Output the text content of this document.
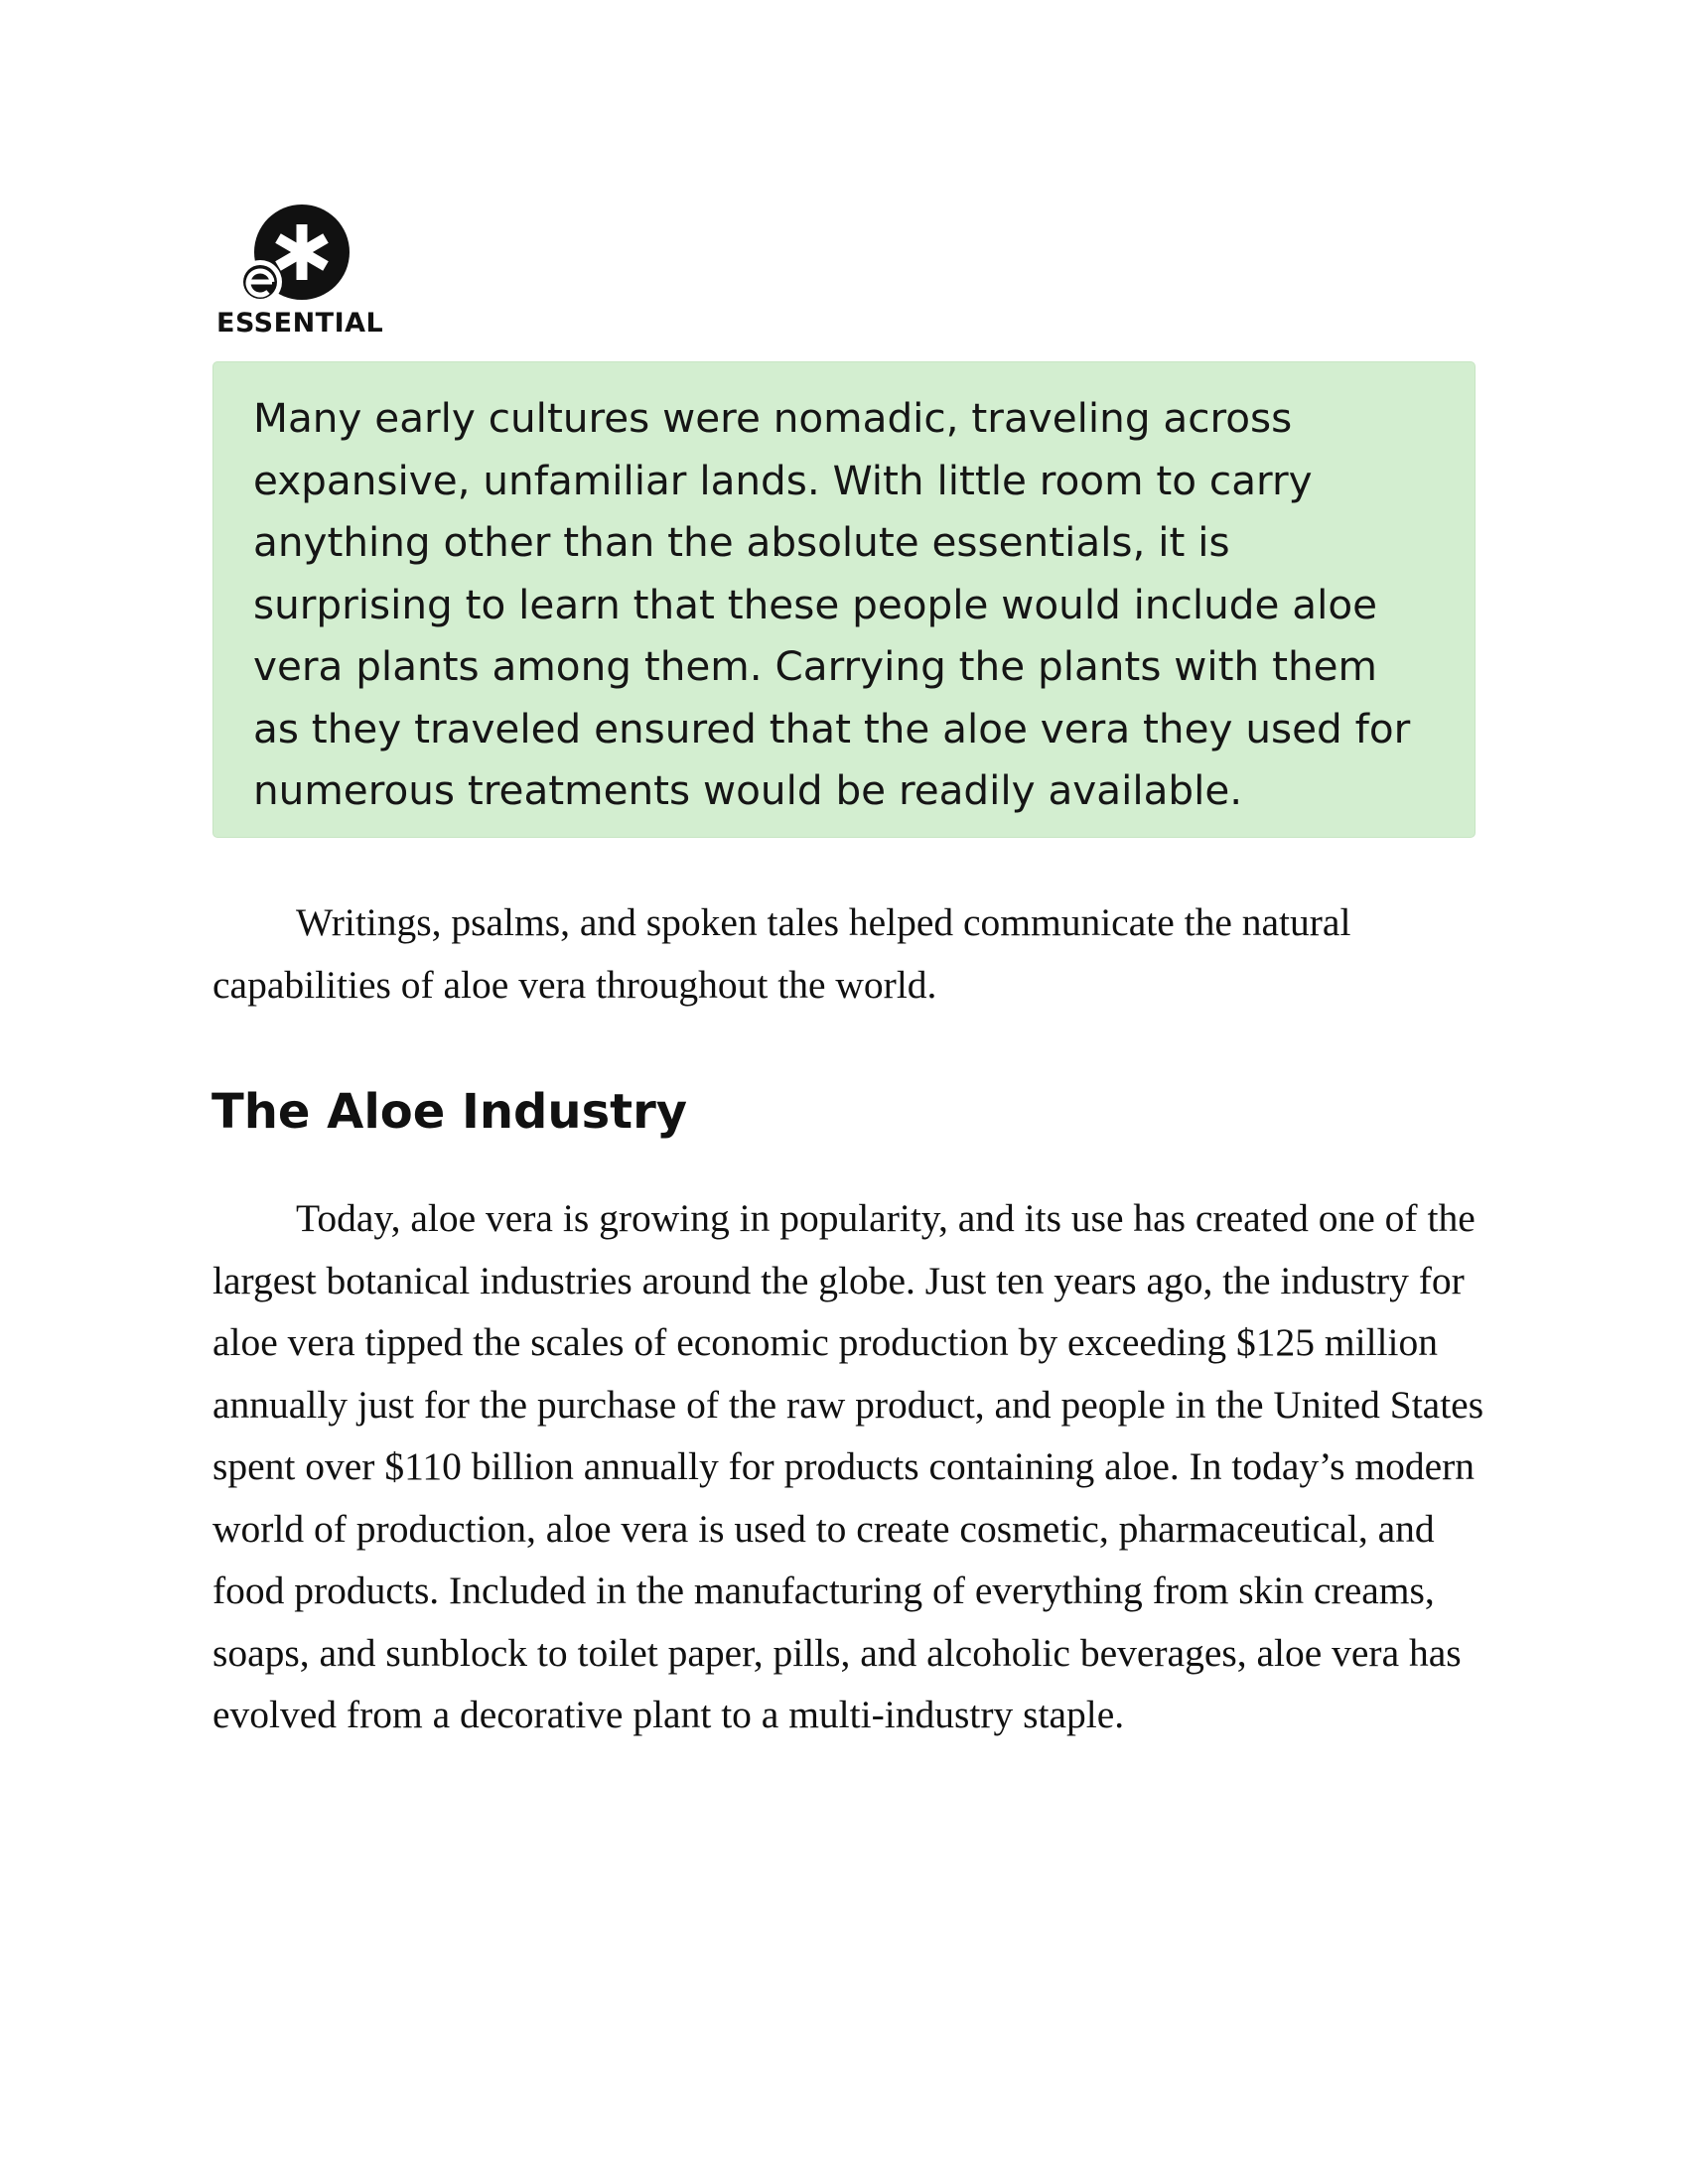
ESSENTIAL

Many early cultures were nomadic, traveling across expansive, unfamiliar lands. With little room to carry anything other than the absolute essentials, it is surprising to learn that these people would include aloe vera plants among them. Carrying the plants with them as they traveled ensured that the aloe vera they used for numerous treatments would be readily available.

Writings, psalms, and spoken tales helped communicate the natural capabilities of aloe vera throughout the world.

The Aloe Industry

Today, aloe vera is growing in popularity, and its use has created one of the largest botanical industries around the globe. Just ten years ago, the industry for aloe vera tipped the scales of economic production by exceeding $125 million annually just for the purchase of the raw product, and people in the United States spent over $110 billion annually for products containing aloe. In today’s modern world of production, aloe vera is used to create cosmetic, pharmaceutical, and food products. Included in the manufacturing of everything from skin creams, soaps, and sunblock to toilet paper, pills, and alcoholic beverages, aloe vera has evolved from a decorative plant to a multi-industry staple.
